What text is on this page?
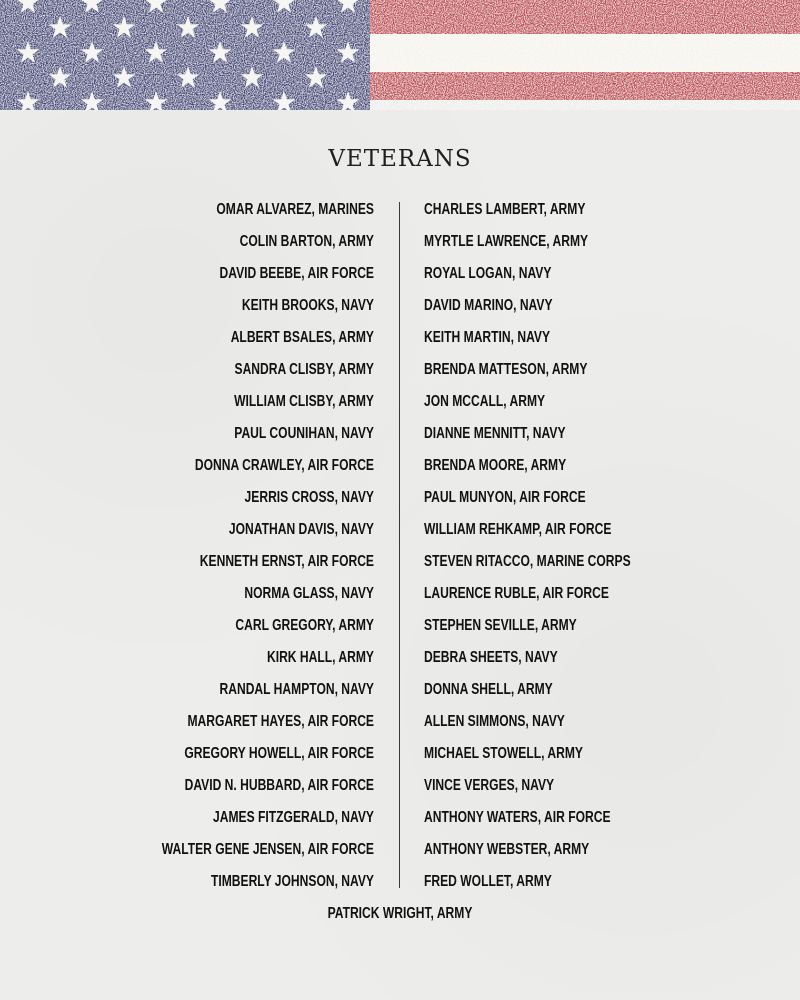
VETERANS
OMAR ALVAREZ, MARINES
COLIN BARTON, ARMY
DAVID BEEBE, AIR FORCE
KEITH BROOKS, NAVY
ALBERT BSALES, ARMY
SANDRA CLISBY, ARMY
WILLIAM CLISBY, ARMY
PAUL COUNIHAN, NAVY
DONNA CRAWLEY, AIR FORCE
JERRIS CROSS, NAVY
JONATHAN DAVIS, NAVY
KENNETH ERNST, AIR FORCE
NORMA GLASS, NAVY
CARL GREGORY, ARMY
KIRK HALL, ARMY
RANDAL HAMPTON, NAVY
MARGARET HAYES, AIR FORCE
GREGORY HOWELL, AIR FORCE
DAVID N. HUBBARD, AIR FORCE
JAMES FITZGERALD, NAVY
WALTER GENE JENSEN, AIR FORCE
TIMBERLY JOHNSON, NAVY
CHARLES LAMBERT, ARMY
MYRTLE LAWRENCE, ARMY
ROYAL LOGAN, NAVY
DAVID MARINO, NAVY
KEITH MARTIN, NAVY
BRENDA MATTESON, ARMY
JON MCCALL, ARMY
DIANNE MENNITT, NAVY
BRENDA MOORE, ARMY
PAUL MUNYON, AIR FORCE
WILLIAM REHKAMP, AIR FORCE
STEVEN RITACCO, MARINE CORPS
LAURENCE RUBLE, AIR FORCE
STEPHEN SEVILLE, ARMY
DEBRA SHEETS, NAVY
DONNA SHELL, ARMY
ALLEN SIMMONS, NAVY
MICHAEL STOWELL, ARMY
VINCE VERGES, NAVY
ANTHONY WATERS, AIR FORCE
ANTHONY WEBSTER, ARMY
FRED WOLLET, ARMY
PATRICK WRIGHT, ARMY
